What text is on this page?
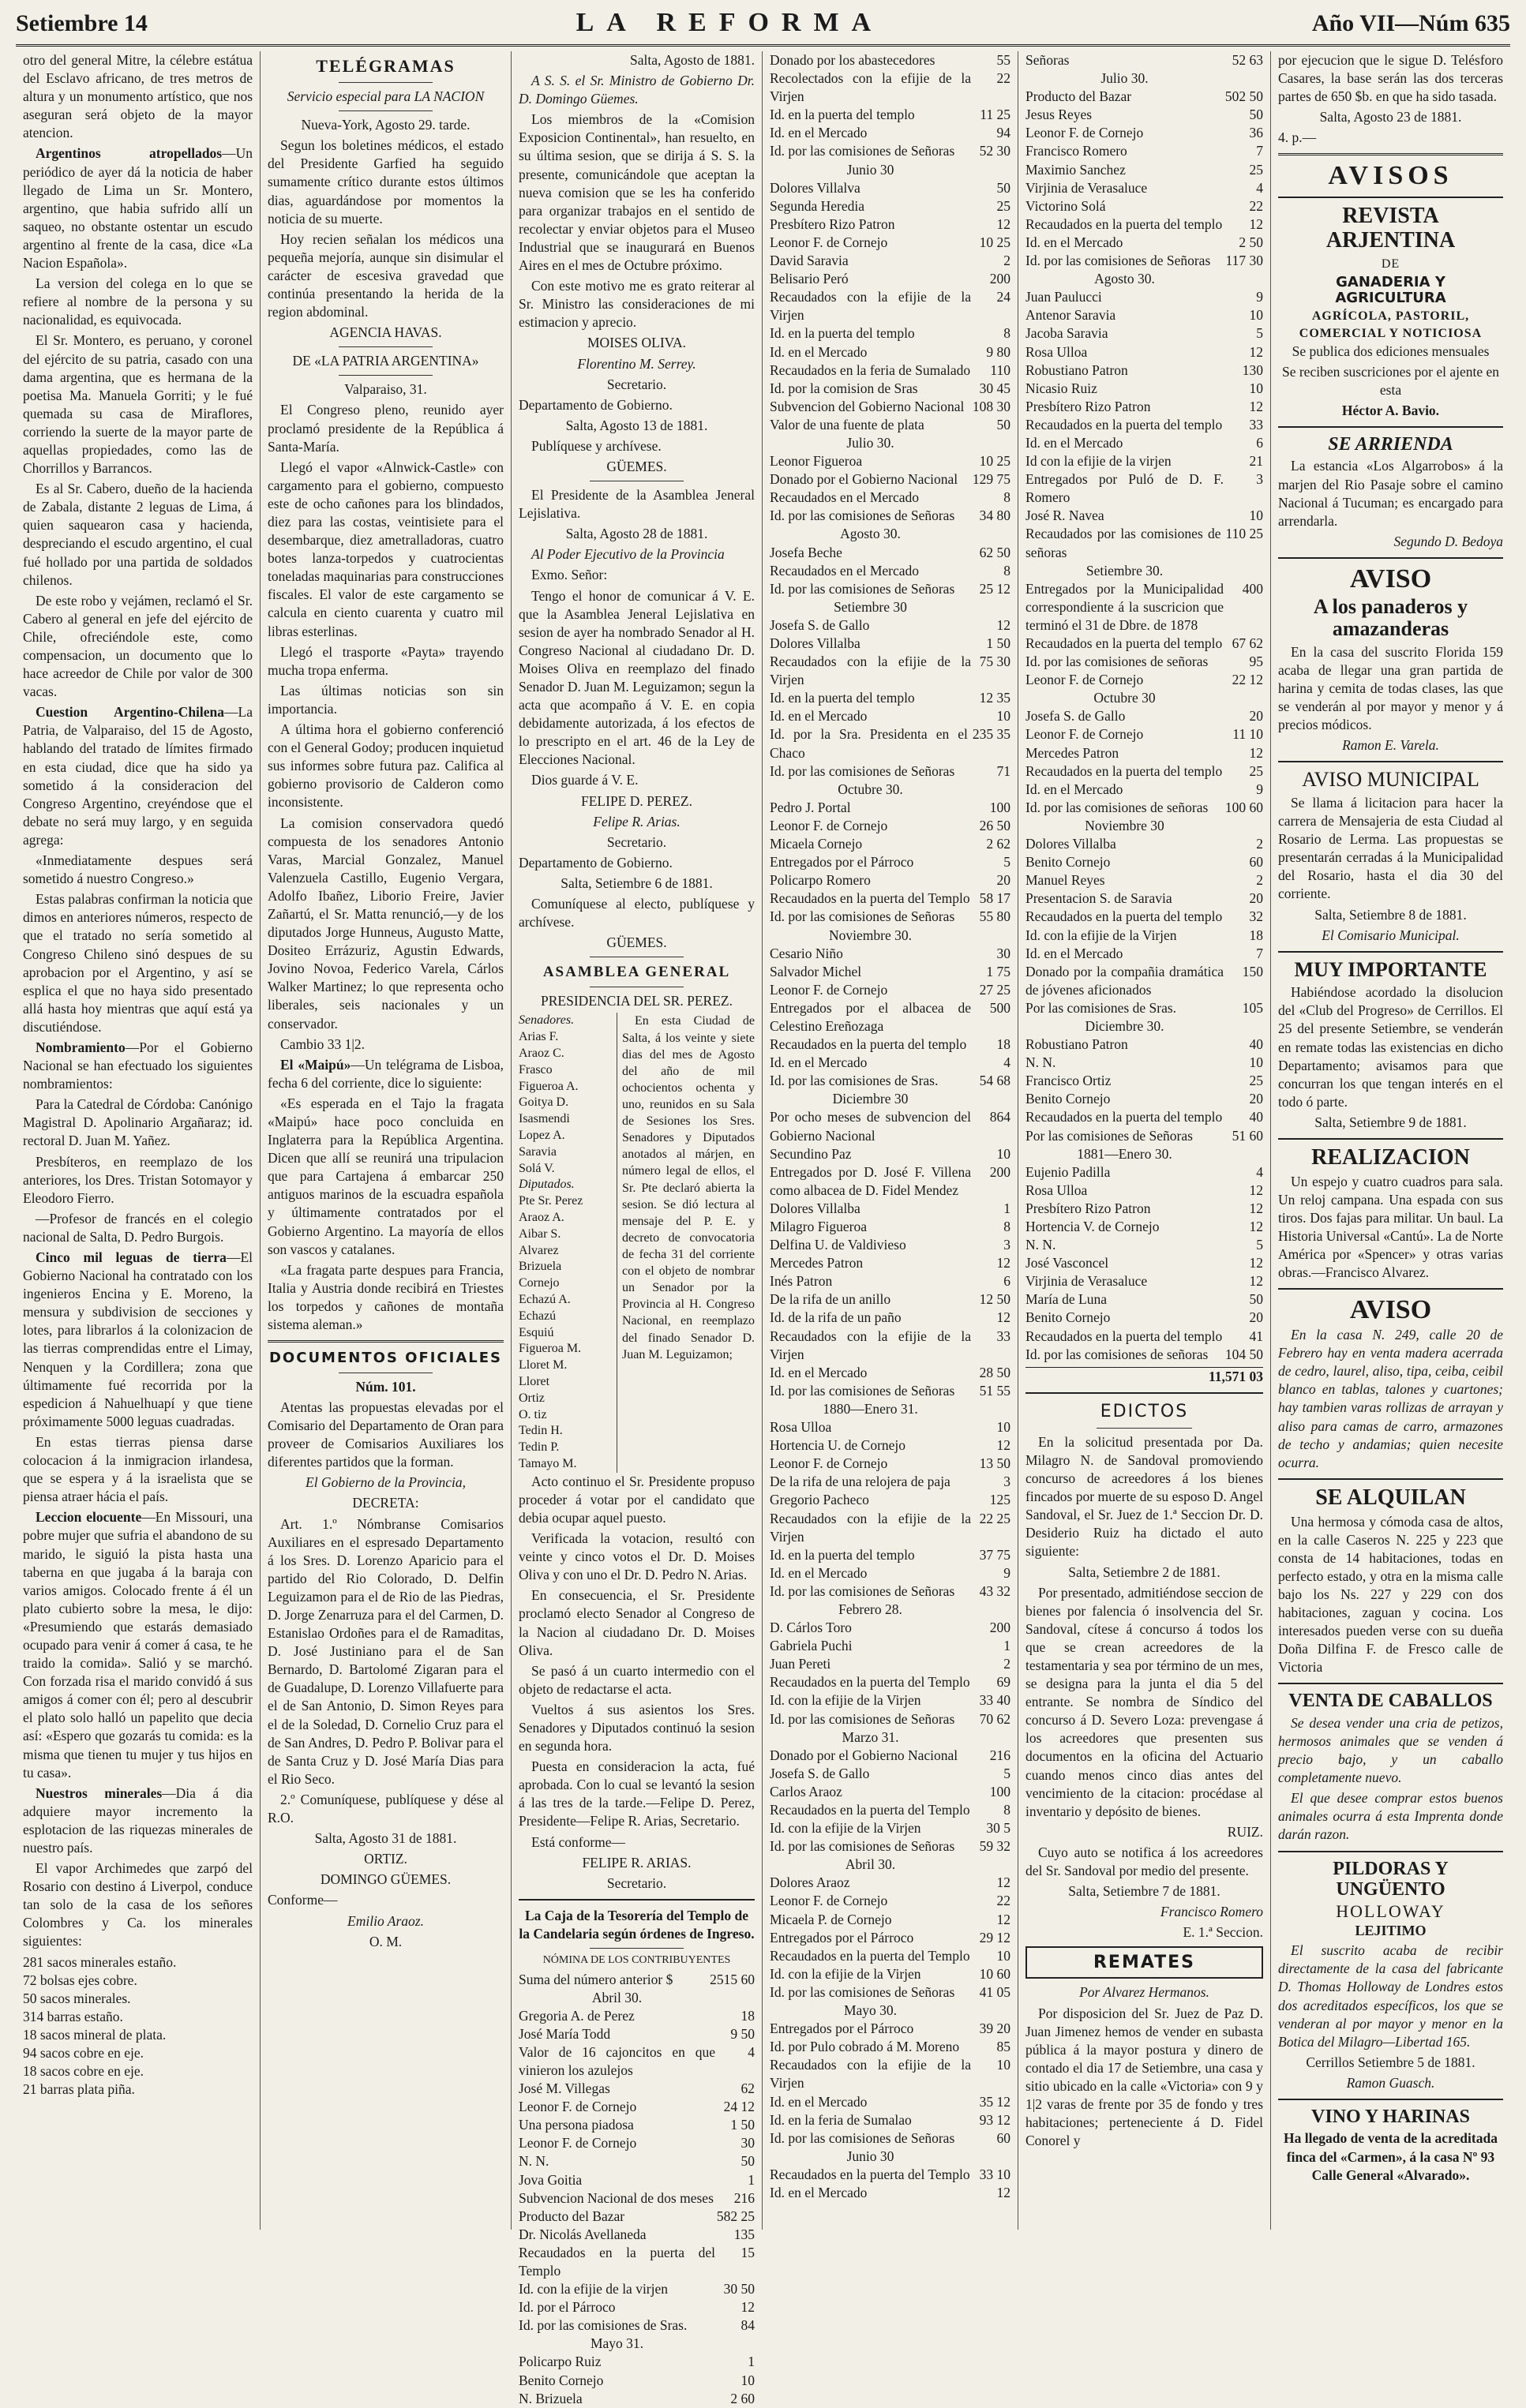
Setiembre 14	LA REFORMA	Año VII—Núm 635

otro del general Mitre, la célebre estátua del Esclavo africano, de tres metros de altura y un monumento artístico, que nos aseguran será objeto de la mayor atencion.

Argentinos atropellados—Un periódico de ayer dá la noticia de haber llegado de Lima un Sr. Montero, argentino, que habia sufrido allí un saqueo, no obstante ostentar un escudo argentino al frente de la casa, dice «La Nacion Española».

La version del colega en lo que se refiere al nombre de la persona y su nacionalidad, es equivocada.

El Sr. Montero, es peruano, y coronel del ejército de su patria, casado con una dama argentina, que es hermana de la poetisa Ma. Manuela Gorriti; y le fué quemada su casa de Miraflores, corriendo la suerte de la mayor parte de aquellas propiedades, como las de Chorrillos y Barrancos.

Es al Sr. Cabero, dueño de la hacienda de Zabala, distante 2 leguas de Lima, á quien saquearon casa y hacienda, despreciando el escudo argentino, el cual fué hollado por una partida de soldados chilenos.

De este robo y vejámen, reclamó el Sr. Cabero al general en jefe del ejército de Chile, ofreciéndole este, como compensacion, un documento que lo hace acreedor de Chile por valor de 300 vacas.

Cuestion Argentino-Chilena—La Patria, de Valparaiso, del 15 de Agosto, hablando del tratado de límites firmado en esta ciudad, dice que ha sido ya sometido á la consideracion del Congreso Argentino, creyéndose que el debate no será muy largo, y en seguida agrega:

«Inmediatamente despues será sometido á nuestro Congreso.»

Estas palabras confirman la noticia que dimos en anteriores números, respecto de que el tratado no sería sometido al Congreso Chileno sinó despues de su aprobacion por el Argentino, y así se esplica el que no haya sido presentado allá hasta hoy mientras que aquí está ya discutiéndose.

Nombramiento—Por el Gobierno Nacional se han efectuado los siguientes nombramientos:

Para la Catedral de Córdoba: Canónigo Magistral D. Apolinario Argañaraz; id. rectoral D. Juan M. Yañez.

Presbíteros, en reemplazo de los anteriores, los Dres. Tristan Sotomayor y Eleodoro Fierro.

—Profesor de francés en el colegio nacional de Salta, D. Pedro Burgois.

Cinco mil leguas de tierra—El Gobierno Nacional ha contratado con los ingenieros Encina y E. Moreno, la mensura y subdivision de secciones y lotes, para librarlos á la colonizacion de las tierras comprendidas entre el Limay, Nenquen y la Cordillera; zona que últimamente fué recorrida por la espedicion á Nahuelhuapí y que tiene próximamente 5000 leguas cuadradas.

En estas tierras piensa darse colocacion á la inmigracion irlandesa, que se espera y á la israelista que se piensa atraer hácia el país.

Leccion elocuente—En Missouri, una pobre mujer que sufria el abandono de su marido, le siguió la pista hasta una taberna en que jugaba á la baraja con varios amigos. Colocado frente á él un plato cubierto sobre la mesa, le dijo: «Presumiendo que estarás demasiado ocupado para venir á comer á casa, te he traido la comida». Salió y se marchó. Con forzada risa el marido convidó á sus amigos á comer con él; pero al descubrir el plato solo halló un papelito que decia así: «Espero que gozarás tu comida: es la misma que tienen tu mujer y tus hijos en tu casa».

Nuestros minerales—Dia á dia adquiere mayor incremento la esplotacion de las riquezas minerales de nuestro país.

El vapor Archimedes que zarpó del Rosario con destino á Liverpol, conduce tan solo de la casa de los señores Colombres y Ca. los minerales siguientes:

281 sacos minerales estaño.
72 bolsas ejes cobre.
50 sacos minerales.
314 barras estaño.
18 sacos mineral de plata.
94 sacos cobre en eje.
18 sacos cobre en eje.
21 barras plata piña.
TELÉGRAMAS

Servicio especial para LA NACION

Nueva-York, Agosto 29. tarde.

Segun los boletines médicos, el estado del Presidente Garfied ha seguido sumamente crítico durante estos últimos dias, aguardándose por momentos la noticia de su muerte.

Hoy recien señalan los médicos una pequeña mejoría, aunque sin disimular el carácter de escesiva gravedad que continúa presentando la herida de la region abdominal.

AGENCIA HAVAS.

DE «LA PATRIA ARGENTINA»

Valparaiso, 31.

El Congreso pleno, reunido ayer proclamó presidente de la República á Santa-María.

Llegó el vapor «Alnwick-Castle» con cargamento para el gobierno, compuesto este de ocho cañones para los blindados, diez para las costas, veintisiete para el desembarque, diez ametralladoras, cuatro botes lanza-torpedos y cuatrocientas toneladas maquinarias para construcciones fiscales. El valor de este cargamento se calcula en ciento cuarenta y cuatro mil libras esterlinas.

Llegó el trasporte «Payta» trayendo mucha tropa enferma.

Las últimas noticias son sin importancia.

A última hora el gobierno conferenció con el General Godoy; producen inquietud sus informes sobre futura paz. Califica al gobierno provisorio de Calderon como inconsistente.

La comision conservadora quedó compuesta de los senadores Antonio Varas, Marcial Gonzalez, Manuel Valenzuela Castillo, Eugenio Vergara, Adolfo Ibañez, Liborio Freire, Javier Zañartú, el Sr. Matta renunció,—y de los diputados Jorge Hunneus, Augusto Matte, Dositeo Errázuriz, Agustin Edwards, Jovino Novoa, Federico Varela, Cárlos Walker Martinez; lo que representa ocho liberales, seis nacionales y un conservador.

Cambio 33 1|2.

El «Maipú»—Un telégrama de Lisboa, fecha 6 del corriente, dice lo siguiente:

«Es esperada en el Tajo la fragata «Maipú» hace poco concluida en Inglaterra para la República Argentina. Dicen que allí se reunirá una tripulacion que para Cartajena á embarcar 250 antiguos marinos de la escuadra española y últimamente contratados por el Gobierno Argentino. La mayoría de ellos son vascos y catalanes.

«La fragata parte despues para Francia, Italia y Austria donde recibirá en Triestes los torpedos y cañones de montaña sistema aleman.»

DOCUMENTOS OFICIALES

Núm. 101.

Atentas las propuestas elevadas por el Comisario del Departamento de Oran para proveer de Comisarios Auxiliares los diferentes partidos que la forman.

El Gobierno de la Provincia,

DECRETA:

Art. 1.º Nómbranse Comisarios Auxiliares en el espresado Departamento á los Sres. D. Lorenzo Aparicio para el partido del Rio Colorado, D. Delfin Leguizamon para el de Rio de las Piedras, D. Jorge Zenarruza para el del Carmen, D. Estanislao Ordoñes para el de Ramaditas, D. José Justiniano para el de San Bernardo, D. Bartolomé Zigaran para el de Guadalupe, D. Lorenzo Villafuerte para el de San Antonio, D. Simon Reyes para el de la Soledad, D. Cornelio Cruz para el de San Andres, D. Pedro P. Bolivar para el de Santa Cruz y D. José María Dias para el Rio Seco.

2.º Comuníquese, publíquese y dése al R.O.

Salta, Agosto 31 de 1881.

ORTIZ.

DOMINGO GÜEMES.

Conforme—

Emilio Araoz.

O. M.

Salta, Agosto de 1881.

A S. S. el Sr. Ministro de Gobierno Dr. D. Domingo Güemes.

Los miembros de la «Comision Exposicion Continental», han resuelto, en su última sesion, que se dirija á S. S. la presente, comunicándole que aceptan la nueva comision que se les ha conferido para organizar trabajos en el sentido de recolectar y enviar objetos para el Museo Industrial que se inaugurará en Buenos Aires en el mes de Octubre próximo.

Con este motivo me es grato reiterar al Sr. Ministro las consideraciones de mi estimacion y aprecio.

MOISES OLIVA.

Florentino M. Serrey.

Secretario.

Departamento de Gobierno.

Salta, Agosto 13 de 1881.

Publíquese y archívese.

GÜEMES.

El Presidente de la Asamblea Jeneral Lejislativa.

Salta, Agosto 28 de 1881.

Al Poder Ejecutivo de la Provincia

Exmo. Señor:

Tengo el honor de comunicar á V. E. que la Asamblea Jeneral Lejislativa en sesion de ayer ha nombrado Senador al H. Congreso Nacional al ciudadano Dr. D. Moises Oliva en reemplazo del finado Senador D. Juan M. Leguizamon; segun la acta que acompaño á V. E. en copia debidamente autorizada, á los efectos de lo prescripto en el art. 46 de la Ley de Elecciones Nacional.

Dios guarde á V. E.

FELIPE D. PEREZ.

Felipe R. Arias.

Secretario.

Departamento de Gobierno.

Salta, Setiembre 6 de 1881.

Comuníquese al electo, publíquese y archívese.

GÜEMES.

ASAMBLEA GENERAL

PRESIDENCIA DEL SR. PEREZ.

Senadores.
Arias F.
Araoz C.
Frasco
Figueroa A.
Goitya D.
Isasmendi
Lopez A.
Saravia
Solá V.
Diputados.
Pte Sr. Perez
Araoz A.
Aibar S.
Alvarez
Brizuela
Cornejo
Echazú A.
Echazú
Esquiú
Figueroa M.
Lloret M.
Lloret
Ortiz
O. tiz
Tedin H.
Tedin P.
Tamayo M.

En esta Ciudad de Salta, á los veinte y siete dias del mes de Agosto del año de mil ochocientos ochenta y uno, reunidos en su Sala de Sesiones los Sres. Senadores y Diputados anotados al márjen, en número legal de ellos, el Sr. Pte declaró abierta la sesion. Se dió lectura al mensaje del P. E. y decreto de convocatoria de fecha 31 del corriente con el objeto de nombrar un Senador por la Provincia al H. Congreso Nacional, en reemplazo del finado Senador D. Juan M. Leguizamon;

Acto continuo el Sr. Presidente propuso proceder á votar por el candidato que debia ocupar aquel puesto.

Verificada la votacion, resultó con veinte y cinco votos el Dr. D. Moises Oliva y con uno el Dr. D. Pedro N. Arias.

En consecuencia, el Sr. Presidente proclamó electo Senador al Congreso de la Nacion al ciudadano Dr. D. Moises Oliva.

Se pasó á un cuarto intermedio con el objeto de redactarse el acta.

Vueltos á sus asientos los Sres. Senadores y Diputados continuó la sesion en segunda hora.

Puesta en consideracion la acta, fué aprobada. Con lo cual se levantó la sesion á las tres de la tarde.—Felipe D. Perez, Presidente—Felipe R. Arias, Secretario.

Está conforme—

FELIPE R. ARIAS.

Secretario.

La Caja de la Tesorería del Templo de la Candelaria según órdenes de Ingreso.

NÓMINA DE LOS CONTRIBUYENTES

Suma del número anterior $	2515 60
Abril 30.
Gregoria A. de Perez	18
José María Todd	9 50
Valor de 16 cajoncitos en que vinieron los azulejos
4
José M. Villegas	62
Leonor F. de Cornejo	24 12
Una persona piadosa	1 50
Leonor F. de Cornejo	30
N. N.	50
Jova Goitia	1
Subvencion Nacional de dos meses	216
Producto del Bazar	582 25
Dr. Nicolás Avellaneda	135
Recaudados en la puerta del Templo
15
Id. con la efijie de la virjen	30 50
Id. por el Párroco	12
Id. por las comisiones de Sras.	84
Mayo 31.
Policarpo Ruiz	1
Benito Cornejo	10
N. Brizuela	2 60
Donado por los abastecedores	55
Recolectados con la efijie de la Virjen
22
Id. en la puerta del templo	11 25
Id. en el Mercado	94
Id. por las comisiones de Señoras	52 30
Junio 30
Dolores Villalva	50
Segunda Heredia	25
Presbítero Rizo Patron	12
Leonor F. de Cornejo	10 25
David Saravia	2
Belisario Peró	200
Recaudados con la efijie de la Virjen
24
Id. en la puerta del templo	8
Id. en el Mercado	9 80
Recaudados en la feria de Sumalado	110
Id. por la comision de Sras	30 45
Subvencion del Gobierno Nacional 108 30
Valor de una fuente de plata	50
Julio 30.
Leonor Figueroa	10 25
Donado por el Gobierno Nacional	129 75
Recaudados en el Mercado	8
Id. por las comisiones de Señoras	34 80
Agosto 30.
Josefa Beche	62 50
Recaudados en el Mercado	8
Id. por las comisiones de Señoras	25 12
Setiembre 30
Josefa S. de Gallo	12
Dolores Villalba	1 50
Recaudados con la efijie de la Virjen
75 30
Id. en la puerta del templo	12 35
Id. en el Mercado	10
Id. por la Sra. Presidenta en el Chaco
235 35
Id. por las comisiones de Señoras	71
Octubre 30.
Pedro J. Portal	100
Leonor F. de Cornejo	26 50
Micaela Cornejo	2 62
Entregados por el Párroco	5
Policarpo Romero	20
Recaudados en la puerta del Templo 58 17
Id. por las comisiones de Señoras	55 80
Noviembre 30.
Cesario Niño	30
Salvador Michel	1 75
Leonor F. de Cornejo	27 25
Entregados por el albacea de Celestino Ereñozaga
500
Recaudados en la puerta del templo	18
Id. en el Mercado	4
Id. por las comisiones de Sras.	54 68
Diciembre 30
Por ocho meses de subvencion del Gobierno Nacional
864
Secundino Paz	10
Entregados por D. José F. Villena como albacea de D. Fidel Mendez
200
Dolores Villalba	1
Milagro Figueroa	8
Delfina U. de Valdivieso	3
Mercedes Patron	12
Inés Patron	6
De la rifa de un anillo	12 50
Id. de la rifa de un paño	12
Recaudados con la efijie de la Virjen
33
Id. en el Mercado	28 50
Id. por las comisiones de Señoras	51 55
1880—Enero 31.
Rosa Ulloa	10
Hortencia U. de Cornejo	12
Leonor F. de Cornejo	13 50
De la rifa de una relojera de paja	3
Gregorio Pacheco	125
Recaudados con la efijie de la Virjen
22 25
Id. en la puerta del templo	37 75
Id. en el Mercado	9
Id. por las comisiones de Señoras	43 32
Febrero 28.
D. Cárlos Toro	200
Gabriela Puchi	1
Juan Pereti	2
Recaudados en la puerta del Templo	69
Id. con la efijie de la Virjen	33 40
Id. por las comisiones de Señoras	70 62
Marzo 31.
Donado por el Gobierno Nacional	216
Josefa S. de Gallo	5
Carlos Araoz	100
Recaudados en la puerta del Templo	8
Id. con la efijie de la Virjen	30 5
Id. por las comisiones de Señoras	59 32
Abril 30.
Dolores Araoz	12
Leonor F. de Cornejo	22
Micaela P. de Cornejo	12
Entregados por el Párroco	29 12
Recaudados en la puerta del Templo	10
Id. con la efijie de la Virjen	10 60
Id. por las comisiones de Señoras	41 05
Mayo 30.
Entregados por el Párroco	39 20
Id. por Pulo cobrado á M. Moreno	85
Recaudados con la efijie de la Virjen
10
Id. en el Mercado	35 12
Id. en la feria de Sumalao	93 12
Id. por las comisiones de Señoras	60
Junio 30
Recaudados en la puerta del Templo 33 10
Id. en el Mercado	12
Señoras	52 63
Julio 30.
Producto del Bazar	502 50
Jesus Reyes	50
Leonor F. de Cornejo	36
Francisco Romero	7
Maximio Sanchez	25
Virjinia de Verasaluce	4
Victorino Solá	22
Recaudados en la puerta del templo	12
Id. en el Mercado	2 50
Id. por las comisiones de Señoras	117 30
Agosto 30.
Juan Paulucci	9
Antenor Saravia	10
Jacoba Saravia	5
Rosa Ulloa	12
Robustiano Patron	130
Nicasio Ruiz	10
Presbítero Rizo Patron	12
Recaudados en la puerta del templo	33
Id. en el Mercado	6
Id con la efijie de la virjen	21
Entregados por Puló de D. F. Romero
3
José R. Navea	10
Recaudados por las comisiones de señoras
110 25
Setiembre 30.
Entregados por la Municipalidad correspondiente á la suscricion que terminó el 31 de Dbre. de 1878
400
Recaudados en la puerta del templo 67 62
Id. por las comisiones de señoras	95
Leonor F. de Cornejo	22 12
Octubre 30
Josefa S. de Gallo	20
Leonor F. de Cornejo	11 10
Mercedes Patron	12
Recaudados en la puerta del templo	25
Id. en el Mercado	9
Id. por las comisiones de señoras	100 60
Noviembre 30
Dolores Villalba	2
Benito Cornejo	60
Manuel Reyes	2
Presentacion S. de Saravia	20
Recaudados en la puerta del templo	32
Id. con la efijie de la Virjen	18
Id. en el Mercado	7
Donado por la compañia dramática de jóvenes aficionados
150
Por las comisiones de Sras.	105
Diciembre 30.
Robustiano Patron	40
N. N.	10
Francisco Ortiz	25
Benito Cornejo	20
Recaudados en la puerta del templo	40
Por las comisiones de Señoras	51 60
1881—Enero 30.
Eujenio Padilla	4
Rosa Ulloa	12
Presbítero Rizo Patron	12
Hortencia V. de Cornejo	12
N. N.	5
José Vasconcel	12
Virjinia de Verasaluce	12
María de Luna	50
Benito Cornejo	20
Recaudados en la puerta del templo	41
Id. por las comisiones de señoras	104 50
11,571 03
EDICTOS

En la solicitud presentada por Da. Milagro N. de Sandoval promoviendo concurso de acreedores á los bienes fincados por muerte de su esposo D. Angel Sandoval, el Sr. Juez de 1.ª Seccion Dr. D. Desiderio Ruiz ha dictado el auto siguiente:

Salta, Setiembre 2 de 1881.

Por presentado, admitiéndose seccion de bienes por falencia ó insolvencia del Sr. Sandoval, cítese á concurso á todos los que se crean acreedores de la testamentaria y sea por término de un mes, se designa para la junta el dia 5 del entrante. Se nombra de Síndico del concurso á D. Severo Loza: prevengase á los acreedores que presenten sus documentos en la oficina del Actuario cuando menos cinco dias antes del vencimiento de la citacion: procédase al inventario y depósito de bienes.

RUIZ.

Cuyo auto se notifica á los acreedores del Sr. Sandoval por medio del presente.

Salta, Setiembre 7 de 1881.

Francisco Romero

E. 1.ª Seccion.

REMATES

Por Alvarez Hermanos.

Por disposicion del Sr. Juez de Paz D. Juan Jimenez hemos de vender en subasta pública á la mayor postura y dinero de contado el dia 17 de Setiembre, una casa y sitio ubicado en la calle «Victoria» con 9 y 1|2 varas de frente por 35 de fondo y tres habitaciones; perteneciente á D. Fidel Conorel y

por ejecucion que le sigue D. Telésforo Casares, la base serán las dos terceras partes de 650 $b. en que ha sido tasada.

Salta, Agosto 23 de 1881.

4. p.—

AVISOS
REVISTA ARJENTINA
DE
GANADERIA Y AGRICULTURA
AGRÍCOLA, PASTORIL, COMERCIAL Y NOTICIOSA

Se publica dos ediciones mensuales

Se reciben suscriciones por el ajente en esta

Héctor A. Bavio.

SE ARRIENDA

La estancia «Los Algarrobos» á la marjen del Rio Pasaje sobre el camino Nacional á Tucuman; es encargado para arrendarla.

Segundo D. Bedoya

AVISO
A los panaderos y amazanderas

En la casa del suscrito Florida 159 acaba de llegar una gran partida de harina y cemita de todas clases, las que se venderán al por mayor y menor y á precios módicos.

Ramon E. Varela.

AVISO MUNICIPAL

Se llama á licitacion para hacer la carrera de Mensajeria de esta Ciudad al Rosario de Lerma. Las propuestas se presentarán cerradas á la Municipalidad del Rosario, hasta el dia 30 del corriente.

Salta, Setiembre 8 de 1881.

El Comisario Municipal.

MUY IMPORTANTE

Habiéndose acordado la disolucion del «Club del Progreso» de Cerrillos. El 25 del presente Setiembre, se venderán en remate todas las existencias en dicho Departamento; avisamos para que concurran los que tengan interés en el todo ó parte.

Salta, Setiembre 9 de 1881.

REALIZACION

Un espejo y cuatro cuadros para sala. Un reloj campana. Una espada con sus tiros. Dos fajas para militar. Un baul. La Historia Universal «Cantú». La de Norte América por «Spencer» y otras varias obras.—Francisco Alvarez.

AVISO

En la casa N. 249, calle 20 de Febrero hay en venta madera acerrada de cedro, laurel, aliso, tipa, ceiba, ceibil blanco en tablas, talones y cuartones; hay tambien varas rollizas de arrayan y aliso para camas de carro, armazones de techo y andamias; quien necesite ocurra.

SE ALQUILAN

Una hermosa y cómoda casa de altos, en la calle Caseros N. 225 y 223 que consta de 14 habitaciones, todas en perfecto estado, y otra en la misma calle bajo los Ns. 227 y 229 con dos habitaciones, zaguan y cocina. Los interesados pueden verse con su dueña Doña Dilfina F. de Fresco calle de Victoria

VENTA DE CABALLOS

Se desea vender una cria de petizos, hermosos animales que se venden á precio bajo, y un caballo completamente nuevo.

El que desee comprar estos buenos animales ocurra á esta Imprenta donde darán razon.

PILDORAS Y UNGÜENTO
HOLLOWAY
LEJITIMO

El suscrito acaba de recibir directamente de la casa del fabricante D. Thomas Holloway de Londres estos dos acreditados específicos, los que se venderan al por mayor y menor en la Botica del Milagro—Libertad 165.

Cerrillos Setiembre 5 de 1881.

Ramon Guasch.

VINO Y HARINAS

Ha llegado de venta de la acreditada finca del «Carmen», á la casa Nº 93 Calle General «Alvarado».
